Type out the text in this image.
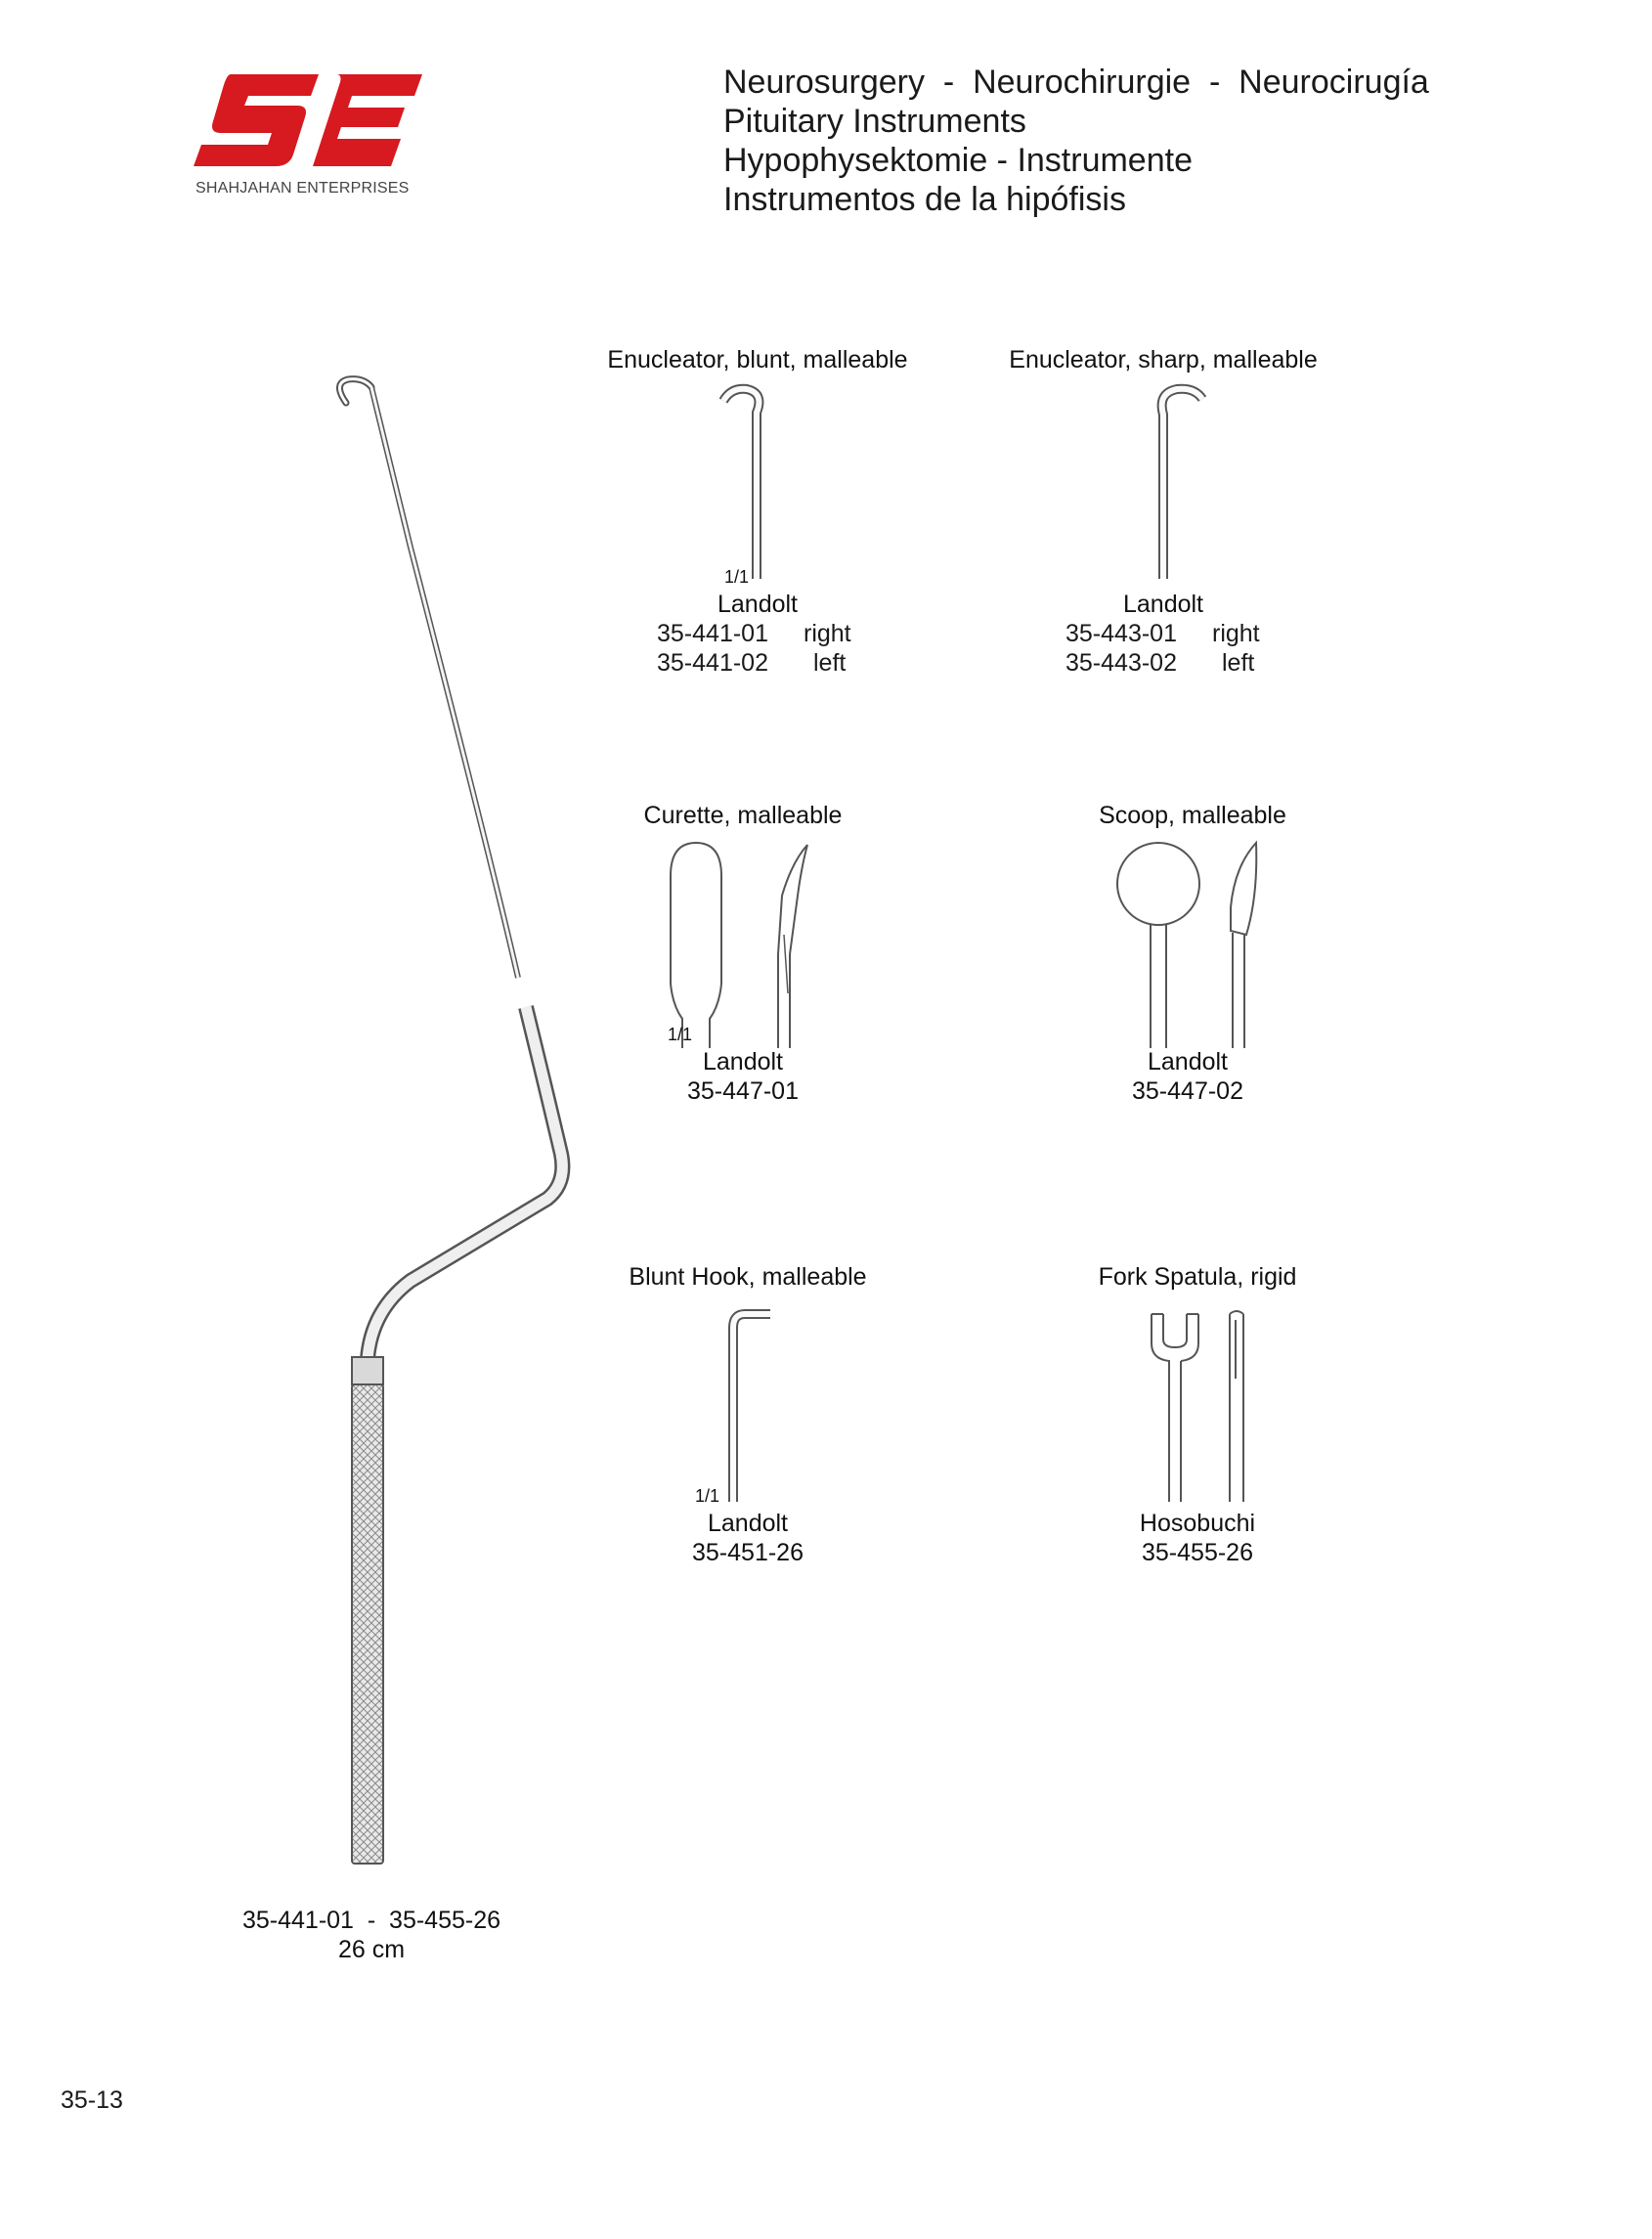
SHAHJAHAN ENTERPRISES
Neurosurgery  -  Neurochirurgie  -  Neurocirugía
Pituitary Instruments
Hypophysektomie - Instrumente
Instrumentos de la hipófisis
35-441-01  -  35-455-26
26 cm
Enucleator, blunt, malleable
1/1
Landolt
35-441-01 right
35-441-02 left
Enucleator, sharp, malleable
Landolt
35-443-01 right
35-443-02 left
Curette, malleable
1/1
Landolt
35-447-01
Scoop, malleable
Landolt
35-447-02
Blunt Hook, malleable
1/1
Landolt
35-451-26
Fork Spatula, rigid
Hosobuchi
35-455-26
35-13
